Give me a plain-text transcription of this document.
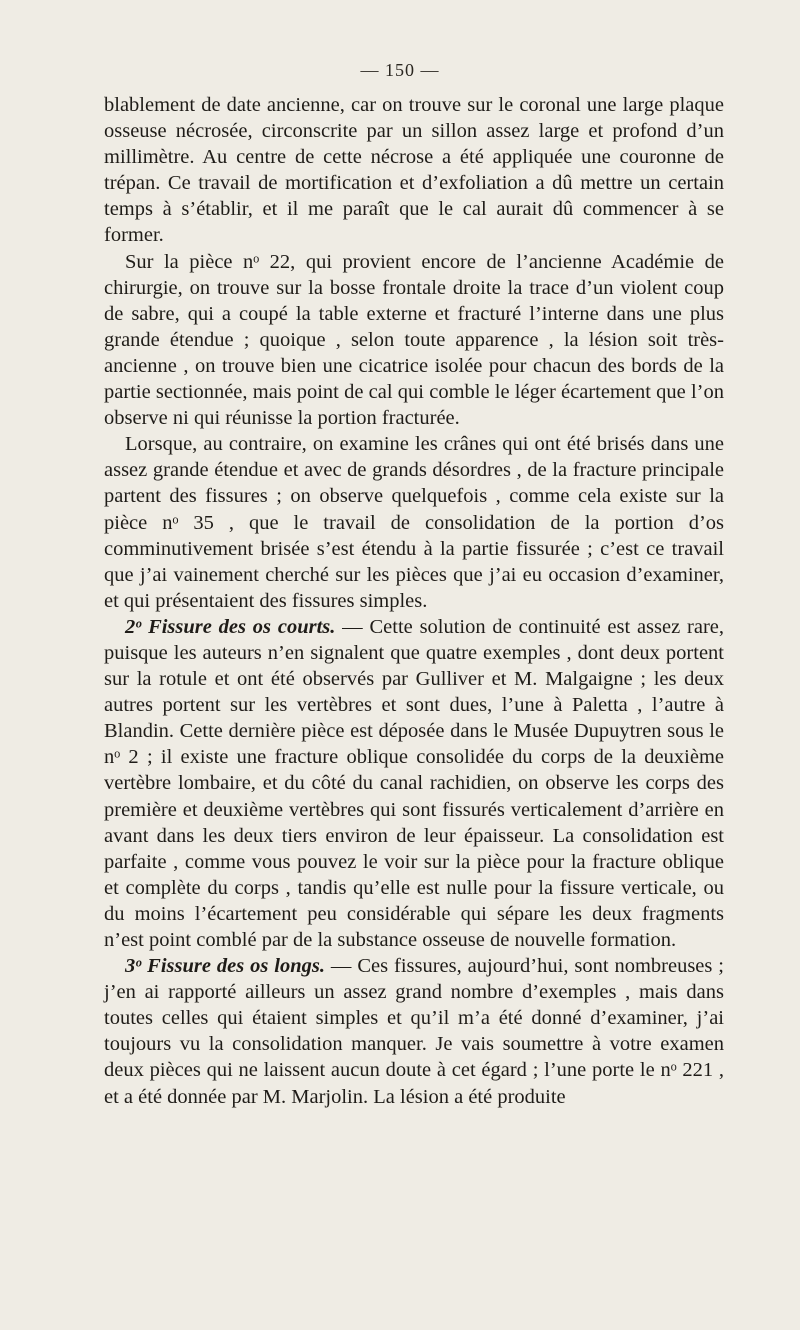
— 150 —

blablement de date ancienne, car on trouve sur le coronal une large plaque osseuse nécrosée, circonscrite par un sillon assez large et profond d’un millimètre. Au centre de cette nécrose a été appliquée une couronne de trépan. Ce travail de mortification et d’exfoliation a dû mettre un certain temps à s’établir, et il me paraît que le cal aurait dû commencer à se former.

Sur la pièce nᵒ 22, qui provient encore de l’ancienne Académie de chirurgie, on trouve sur la bosse frontale droite la trace d’un violent coup de sabre, qui a coupé la table externe et fracturé l’interne dans une plus grande étendue ; quoique , selon toute apparence , la lésion soit très-ancienne , on trouve bien une cicatrice isolée pour chacun des bords de la partie sectionnée, mais point de cal qui comble le léger écartement que l’on observe ni qui réunisse la portion fracturée.

Lorsque, au contraire, on examine les crânes qui ont été brisés dans une assez grande étendue et avec de grands désordres , de la fracture principale partent des fissures ; on observe quelquefois , comme cela existe sur la pièce nᵒ 35 , que le travail de consolidation de la portion d’os comminutivement brisée s’est étendu à la partie fissurée ; c’est ce travail que j’ai vainement cherché sur les pièces que j’ai eu occasion d’examiner, et qui présentaient des fissures simples.

2ᵒ Fissure des os courts. — Cette solution de continuité est assez rare, puisque les auteurs n’en signalent que quatre exemples , dont deux portent sur la rotule et ont été observés par Gulliver et M. Malgaigne ; les deux autres portent sur les vertèbres et sont dues, l’une à Paletta , l’autre à Blandin. Cette dernière pièce est déposée dans le Musée Dupuytren sous le nᵒ 2 ; il existe une fracture oblique consolidée du corps de la deuxième vertèbre lombaire, et du côté du canal rachidien, on observe les corps des première et deuxième vertèbres qui sont fissurés verticalement d’arrière en avant dans les deux tiers environ de leur épaisseur. La consolidation est parfaite , comme vous pouvez le voir sur la pièce pour la fracture oblique et complète du corps , tandis qu’elle est nulle pour la fissure verticale, ou du moins l’écartement peu considérable qui sépare les deux fragments n’est point comblé par de la substance osseuse de nouvelle formation.

3ᵒ Fissure des os longs. — Ces fissures, aujourd’hui, sont nombreuses ; j’en ai rapporté ailleurs un assez grand nombre d’exemples , mais dans toutes celles qui étaient simples et qu’il m’a été donné d’examiner, j’ai toujours vu la consolidation manquer. Je vais soumettre à votre examen deux pièces qui ne laissent aucun doute à cet égard ; l’une porte le nᵒ 221 , et a été donnée par M. Marjolin. La lésion a été produite
